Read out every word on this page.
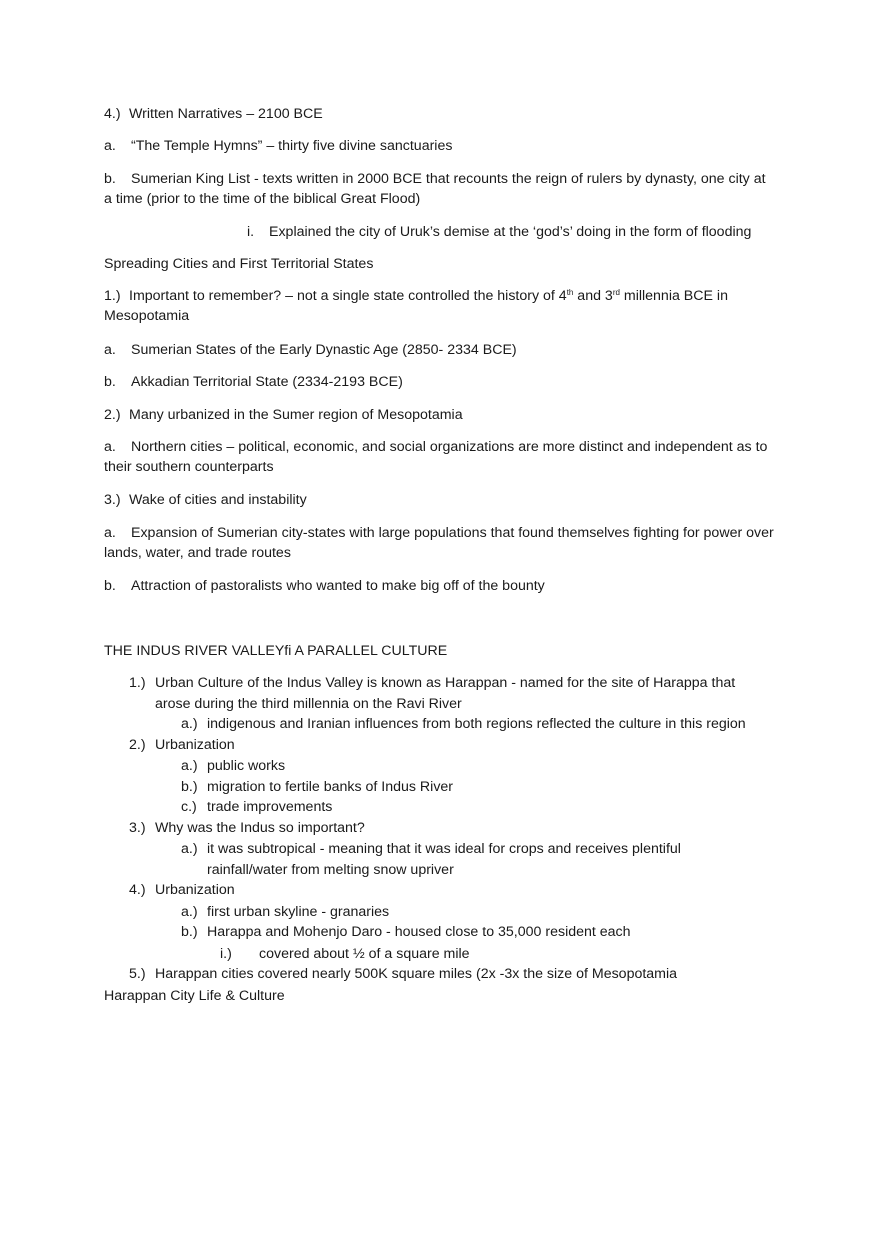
4.) Written Narratives – 2100 BCE
a. “The Temple Hymns” – thirty five divine sanctuaries
b. Sumerian King List - texts written in 2000 BCE that recounts the reign of rulers by dynasty, one city at a time (prior to the time of the biblical Great Flood)
i. Explained the city of Uruk’s demise at the ‘god’s’ doing in the form of flooding
Spreading Cities and First Territorial States
1.) Important to remember? – not a single state controlled the history of 4th and 3rd millennia BCE in Mesopotamia
a. Sumerian States of the Early Dynastic Age (2850- 2334 BCE)
b. Akkadian Territorial State (2334-2193 BCE)
2.) Many urbanized in the Sumer region of Mesopotamia
a. Northern cities – political, economic, and social organizations are more distinct and independent as to their southern counterparts
3.) Wake of cities and instability
a. Expansion of Sumerian city-states with large populations that found themselves fighting for power over lands, water, and trade routes
b. Attraction of pastoralists who wanted to make big off of the bounty
THE INDUS RIVER VALLEYﬁ A PARALLEL CULTURE
1.) Urban Culture of the Indus Valley is known as Harappan - named for the site of Harappa that
arose during the third millennia on the Ravi River
a.) indigenous and Iranian influences from both regions reflected the culture in this region
2.) Urbanization
a.) public works
b.) migration to fertile banks of Indus River
c.) trade improvements
3.) Why was the Indus so important?
a.) it was subtropical - meaning that it was ideal for crops and receives plentiful
rainfall/water from melting snow upriver
4.) Urbanization
a.) first urban skyline - granaries
b.) Harappa and Mohenjo Daro - housed close to 35,000 resident each
i.) covered about ½ of a square mile
5.) Harappan cities covered nearly 500K square miles (2x -3x the size of Mesopotamia
Harappan City Life & Culture
